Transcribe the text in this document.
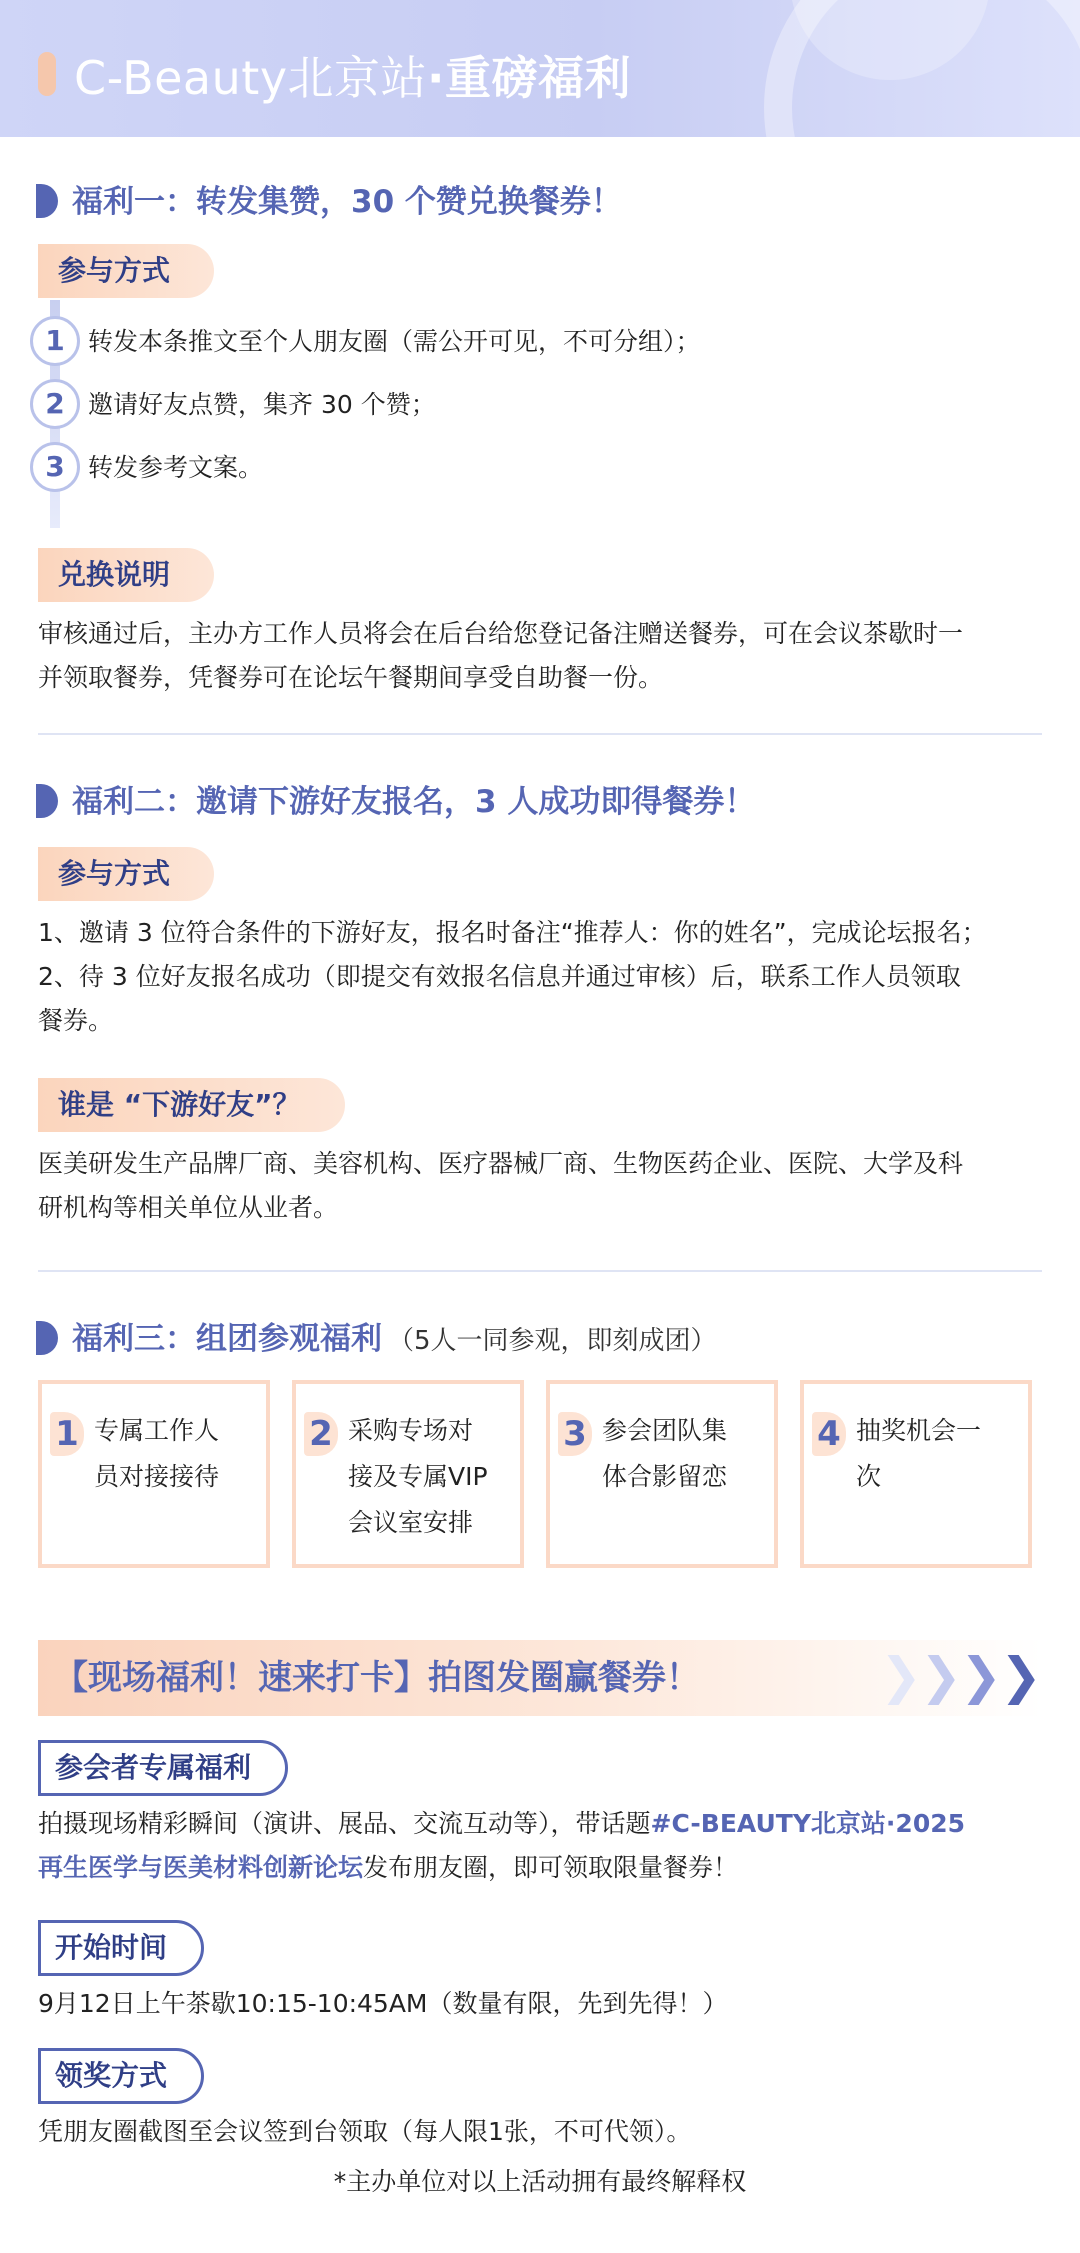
C-Beauty北京站·重磅福利
福利一：转发集赞，30 个赞兑换餐券！
参与方式
1 转发本条推文至个人朋友圈（需公开可见，不可分组）；
2 邀请好友点赞，集齐 30 个赞；
3 转发参考文案。
兑换说明
审核通过后，主办方工作人员将会在后台给您登记备注赠送餐券，可在会议茶歇时一
并领取餐券，凭餐券可在论坛午餐期间享受自助餐一份。
福利二：邀请下游好友报名，3 人成功即得餐券！
参与方式
1、邀请 3 位符合条件的下游好友，报名时备注“推荐人：你的姓名”，完成论坛报名；
2、待 3 位好友报名成功（即提交有效报名信息并通过审核）后，联系工作人员领取
餐券。
谁是 “下游好友”？
医美研发生产品牌厂商、美容机构、医疗器械厂商、生物医药企业、医院、大学及科
研机构等相关单位从业者。
福利三：组团参观福利 （5人一同参观，即刻成团）
1 专属工作人
员对接接待
2 采购专场对
接及专属VIP
会议室安排
3 参会团队集
体合影留恋
4 抽奖机会一
次
【现场福利！速来打卡】拍图发圈赢餐券！	❯
❯
❯
❯
参会者专属福利
拍摄现场精彩瞬间（演讲、展品、交流互动等），带话题#C-BEAUTY北京站·2025
再生医学与医美材料创新论坛发布朋友圈，即可领取限量餐券！
开始时间
9月12日上午茶歇10:15-10:45AM（数量有限，先到先得！）
领奖方式
凭朋友圈截图至会议签到台领取（每人限1张，不可代领）。
*主办单位对以上活动拥有最终解释权
